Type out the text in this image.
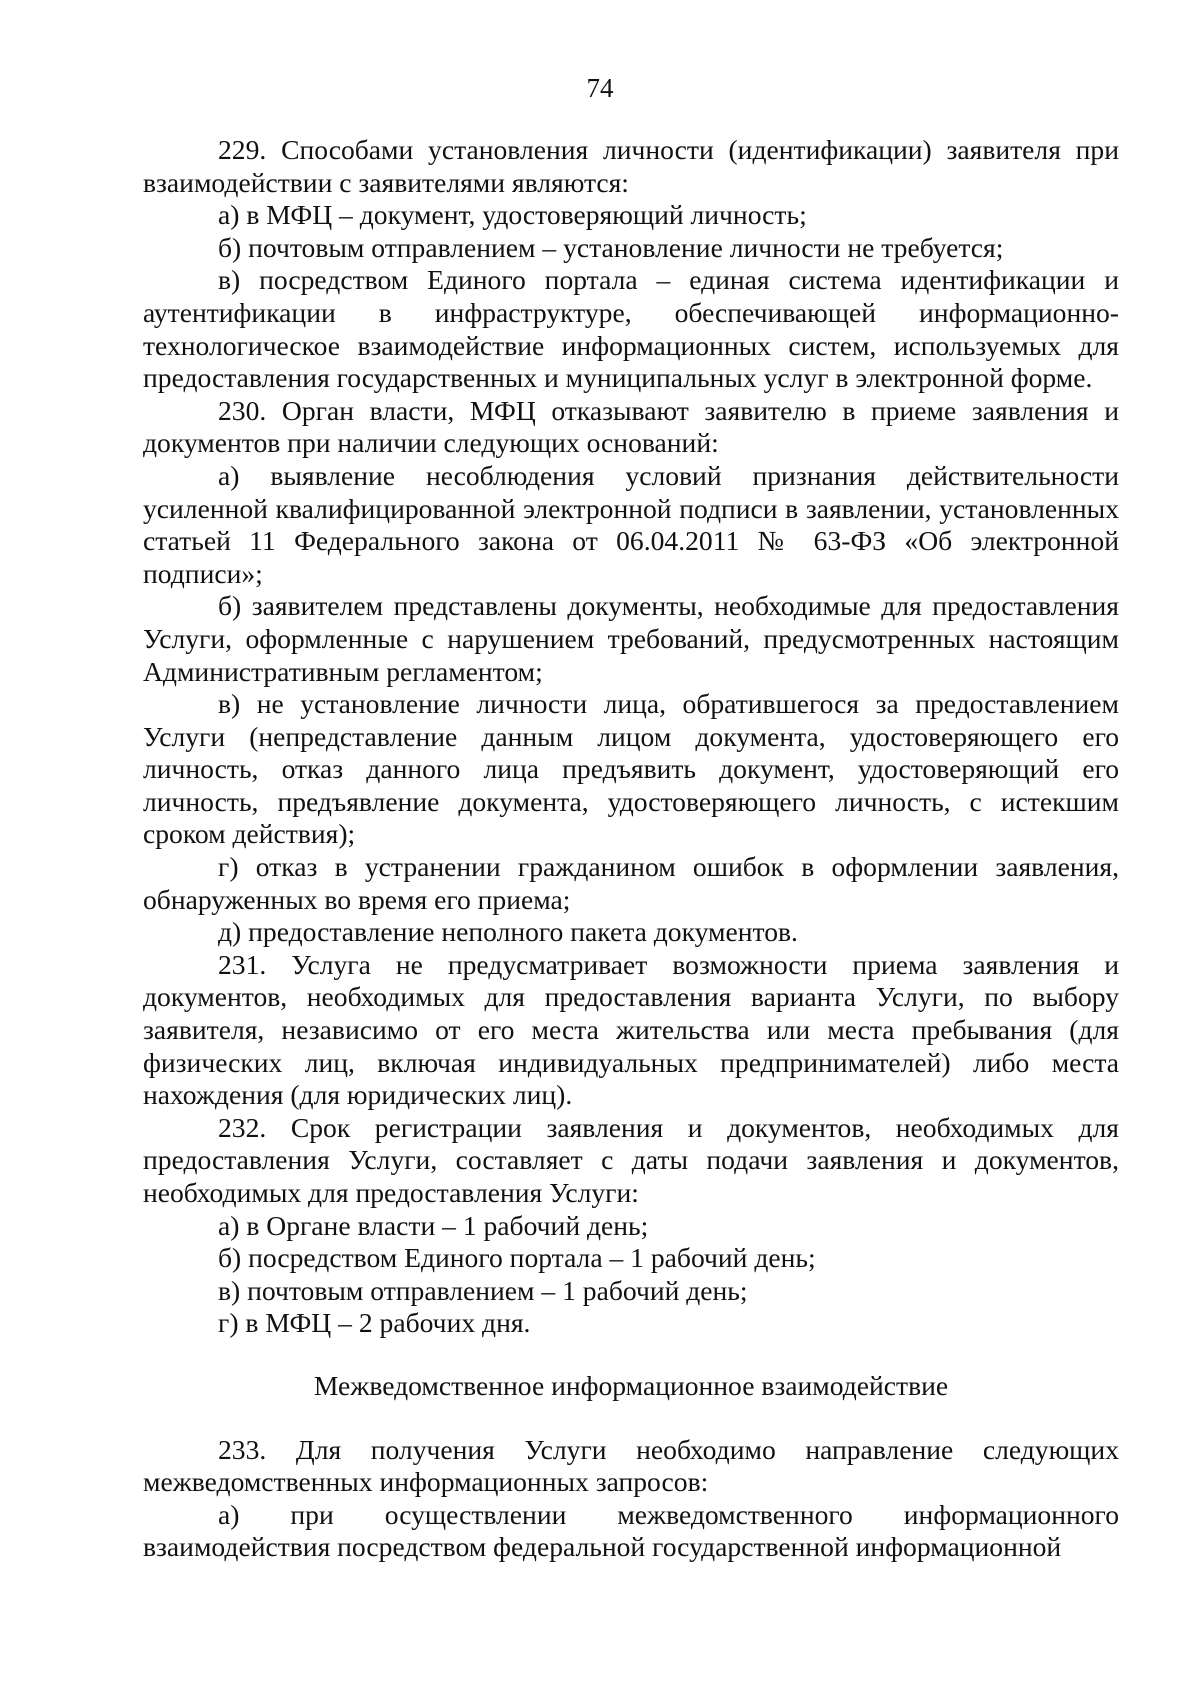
74

229. Способами установления личности (идентификации) заявителя при взаимодействии с заявителями являются:

а) в МФЦ – документ, удостоверяющий личность;

б) почтовым отправлением – установление личности не требуется;

в) посредством Единого портала – единая система идентификации и аутентификации в инфраструктуре, обеспечивающей информационно-технологическое взаимодействие информационных систем, используемых для предоставления государственных и муниципальных услуг в электронной форме.

230. Орган власти, МФЦ отказывают заявителю в приеме заявления и документов при наличии следующих оснований:

а) выявление несоблюдения условий признания действительности усиленной квалифицированной электронной подписи в заявлении, установленных статьей 11 Федерального закона от 06.04.2011 № 63-ФЗ «Об электронной подписи»;

б) заявителем представлены документы, необходимые для предоставления Услуги, оформленные с нарушением требований, предусмотренных настоящим Административным регламентом;

в) не установление личности лица, обратившегося за предоставлением Услуги (непредставление данным лицом документа, удостоверяющего его личность, отказ данного лица предъявить документ, удостоверяющий его личность, предъявление документа, удостоверяющего личность, с истекшим сроком действия);

г) отказ в устранении гражданином ошибок в оформлении заявления, обнаруженных во время его приема;

д) предоставление неполного пакета документов.

231. Услуга не предусматривает возможности приема заявления и документов, необходимых для предоставления варианта Услуги, по выбору заявителя, независимо от его места жительства или места пребывания (для физических лиц, включая индивидуальных предпринимателей) либо места нахождения (для юридических лиц).

232. Срок регистрации заявления и документов, необходимых для предоставления Услуги, составляет с даты подачи заявления и документов, необходимых для предоставления Услуги:

а) в Органе власти – 1 рабочий день;

б) посредством Единого портала – 1 рабочий день;

в) почтовым отправлением – 1 рабочий день;

г) в МФЦ – 2 рабочих дня.

Межведомственное информационное взаимодействие

233. Для получения Услуги необходимо направление следующих межведомственных информационных запросов:

а) при осуществлении межведомственного информационного взаимодействия посредством федеральной государственной информационной
